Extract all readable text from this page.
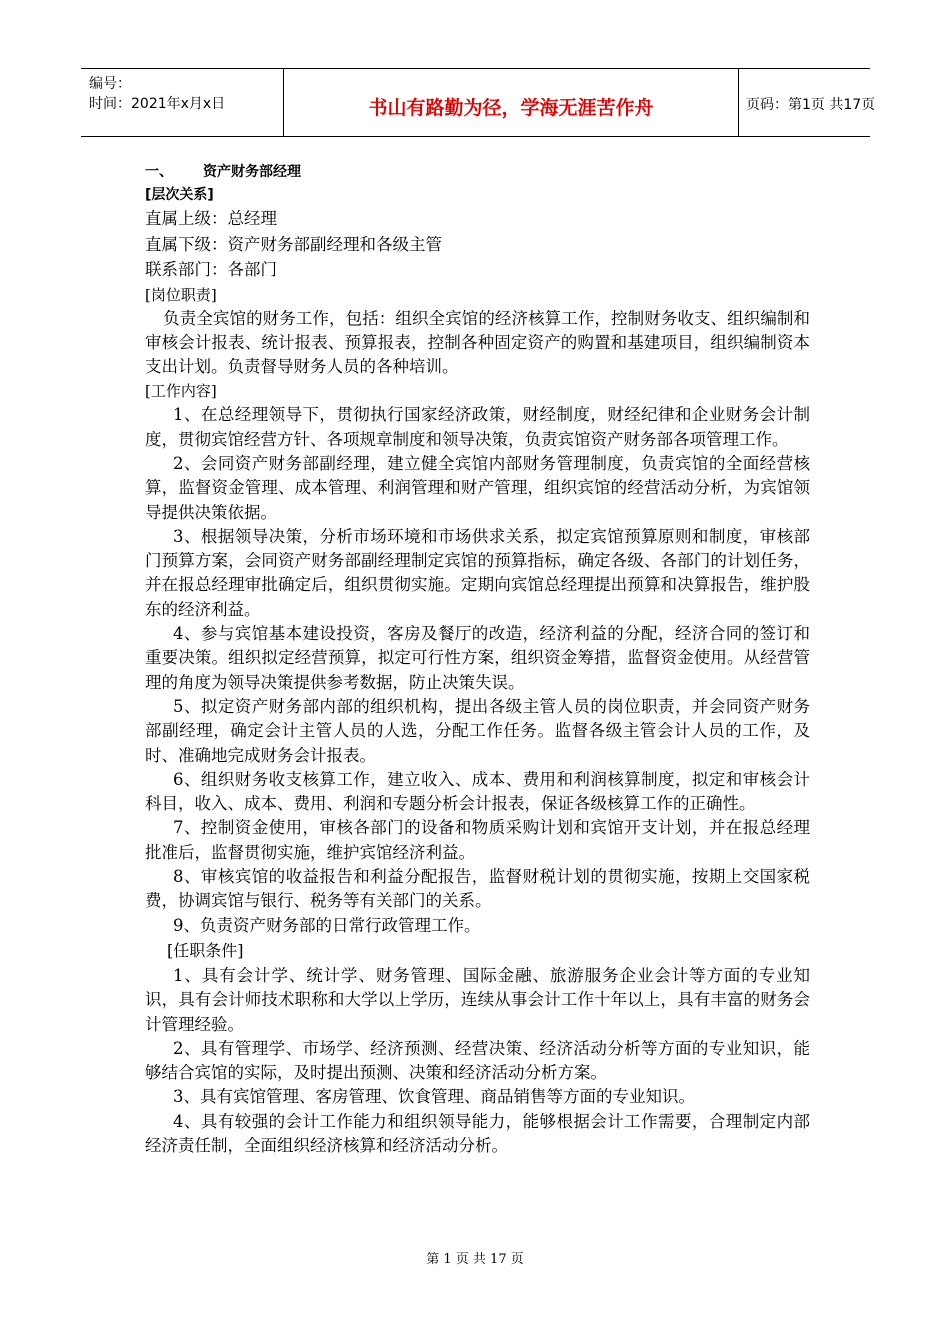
编号：
时间：2021年x月x日	书山有路勤为径，学海无涯苦作舟	页码：第1页 共17页
一、 资产财务部经理
[层次关系]
直属上级：总经理
直属下级：资产财务部副经理和各级主管
联系部门：各部门
[岗位职责]

负责全宾馆的财务工作，包括：组织全宾馆的经济核算工作，控制财务收支、组织编制和审核会计报表、统计报表、预算报表，控制各种固定资产的购置和基建项目，组织编制资本支出计划。负责督导财务人员的各种培训。

[工作内容]

1、在总经理领导下，贯彻执行国家经济政策，财经制度，财经纪律和企业财务会计制度，贯彻宾馆经营方针、各项规章制度和领导决策，负责宾馆资产财务部各项管理工作。

2、会同资产财务部副经理，建立健全宾馆内部财务管理制度，负责宾馆的全面经营核算，监督资金管理、成本管理、利润管理和财产管理，组织宾馆的经营活动分析，为宾馆领导提供决策依据。

3、根据领导决策，分析市场环境和市场供求关系，拟定宾馆预算原则和制度，审核部门预算方案，会同资产财务部副经理制定宾馆的预算指标，确定各级、各部门的计划任务，并在报总经理审批确定后，组织贯彻实施。定期向宾馆总经理提出预算和决算报告，维护股东的经济利益。

4、参与宾馆基本建设投资，客房及餐厅的改造，经济利益的分配，经济合同的签订和重要决策。组织拟定经营预算，拟定可行性方案，组织资金筹措，监督资金使用。从经营管理的角度为领导决策提供参考数据，防止决策失误。

5、拟定资产财务部内部的组织机构，提出各级主管人员的岗位职责，并会同资产财务部副经理，确定会计主管人员的人选，分配工作任务。监督各级主管会计人员的工作，及时、准确地完成财务会计报表。

6、组织财务收支核算工作，建立收入、成本、费用和利润核算制度，拟定和审核会计科目，收入、成本、费用、利润和专题分析会计报表，保证各级核算工作的正确性。

7、控制资金使用，审核各部门的设备和物质采购计划和宾馆开支计划，并在报总经理批准后，监督贯彻实施，维护宾馆经济利益。

8、审核宾馆的收益报告和利益分配报告，监督财税计划的贯彻实施，按期上交国家税费，协调宾馆与银行、税务等有关部门的关系。

9、负责资产财务部的日常行政管理工作。

[任职条件]

1、具有会计学、统计学、财务管理、国际金融、旅游服务企业会计等方面的专业知识，具有会计师技术职称和大学以上学历，连续从事会计工作十年以上，具有丰富的财务会计管理经验。

2、具有管理学、市场学、经济预测、经营决策、经济活动分析等方面的专业知识，能够结合宾馆的实际，及时提出预测、决策和经济活动分析方案。

3、具有宾馆管理、客房管理、饮食管理、商品销售等方面的专业知识。

4、具有较强的会计工作能力和组织领导能力，能够根据会计工作需要，合理制定内部经济责任制，全面组织经济核算和经济活动分析。

第 1 页 共 17 页
